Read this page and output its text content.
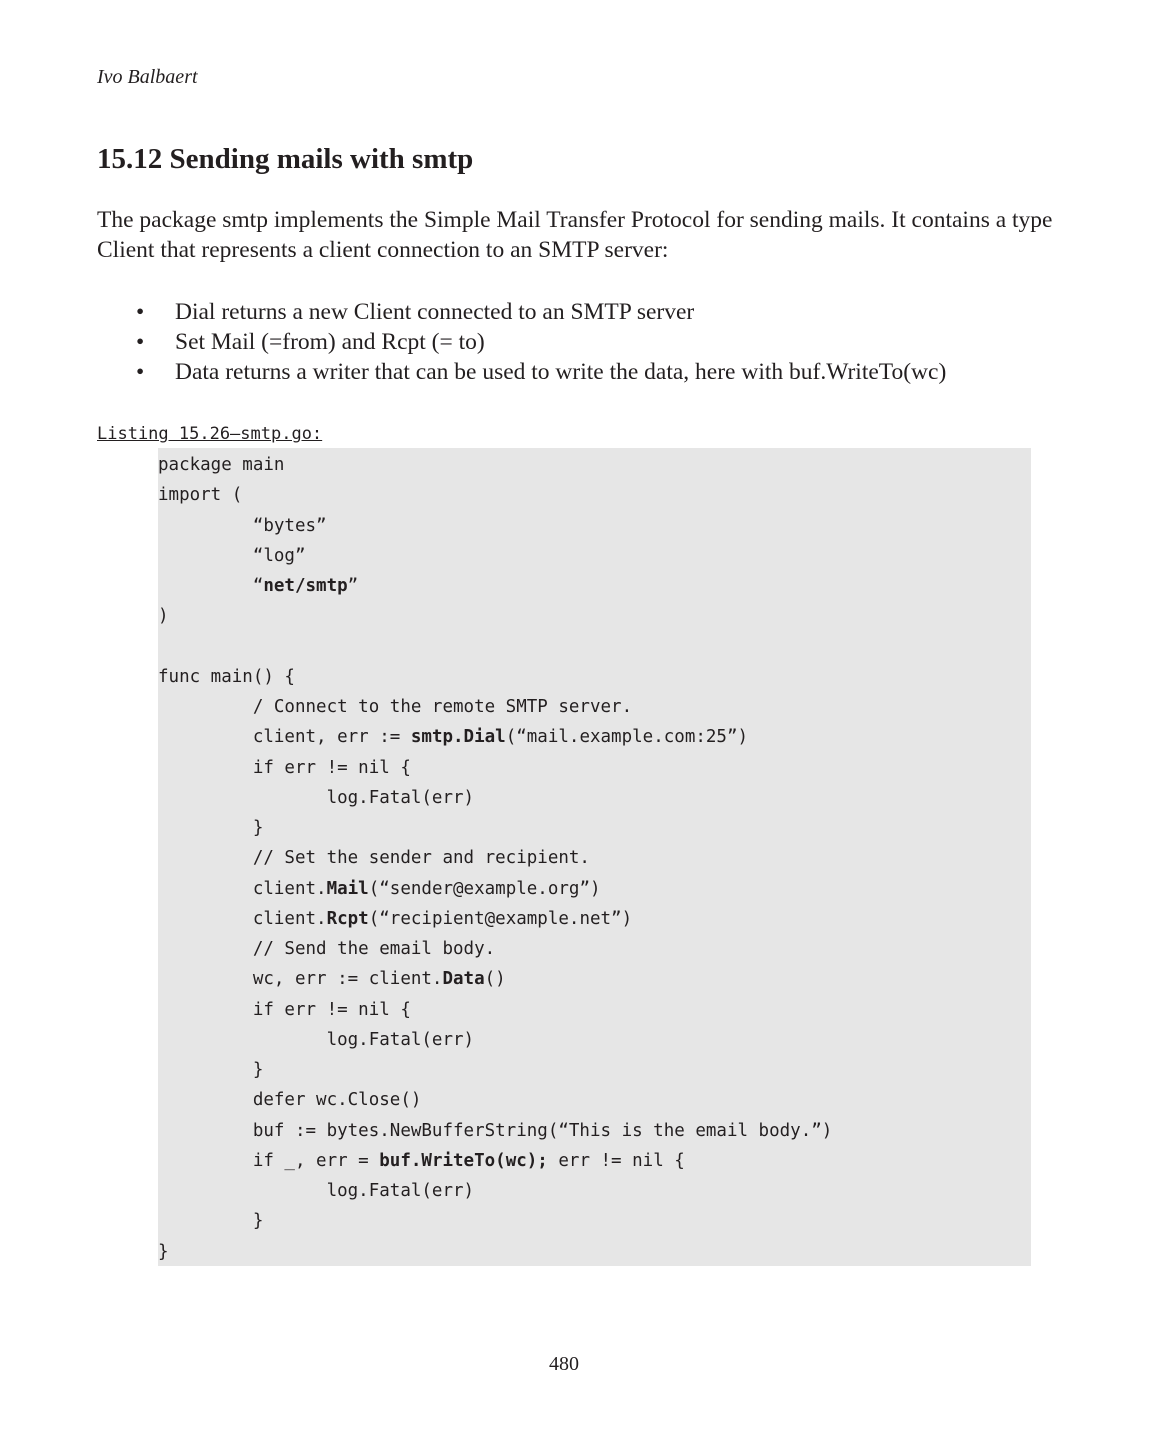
Ivo Balbaert
15.12 Sending mails with smtp

The package smtp implements the Simple Mail Transfer Protocol for sending mails. It contains a type Client that represents a client connection to an SMTP server:

• Dial returns a new Client connected to an SMTP server
• Set Mail (=from) and Rcpt (= to)
• Data returns a writer that can be used to write the data, here with buf.WriteTo(wc)
Listing 15.26—smtp.go:
package main
import (
“bytes”
“log”
“net/smtp”
)
func main() {
/ Connect to the remote SMTP server.
client, err := smtp.Dial(“mail.example.com:25”)
if err != nil {
log.Fatal(err)
}
// Set the sender and recipient.
client.Mail(“sender@example.org”)
client.Rcpt(“recipient@example.net”)
// Send the email body.
wc, err := client.Data()
if err != nil {
log.Fatal(err)
}
defer wc.Close()
buf := bytes.NewBufferString(“This is the email body.”)
if _, err = buf.WriteTo(wc); err != nil {
log.Fatal(err)
}
}
480
